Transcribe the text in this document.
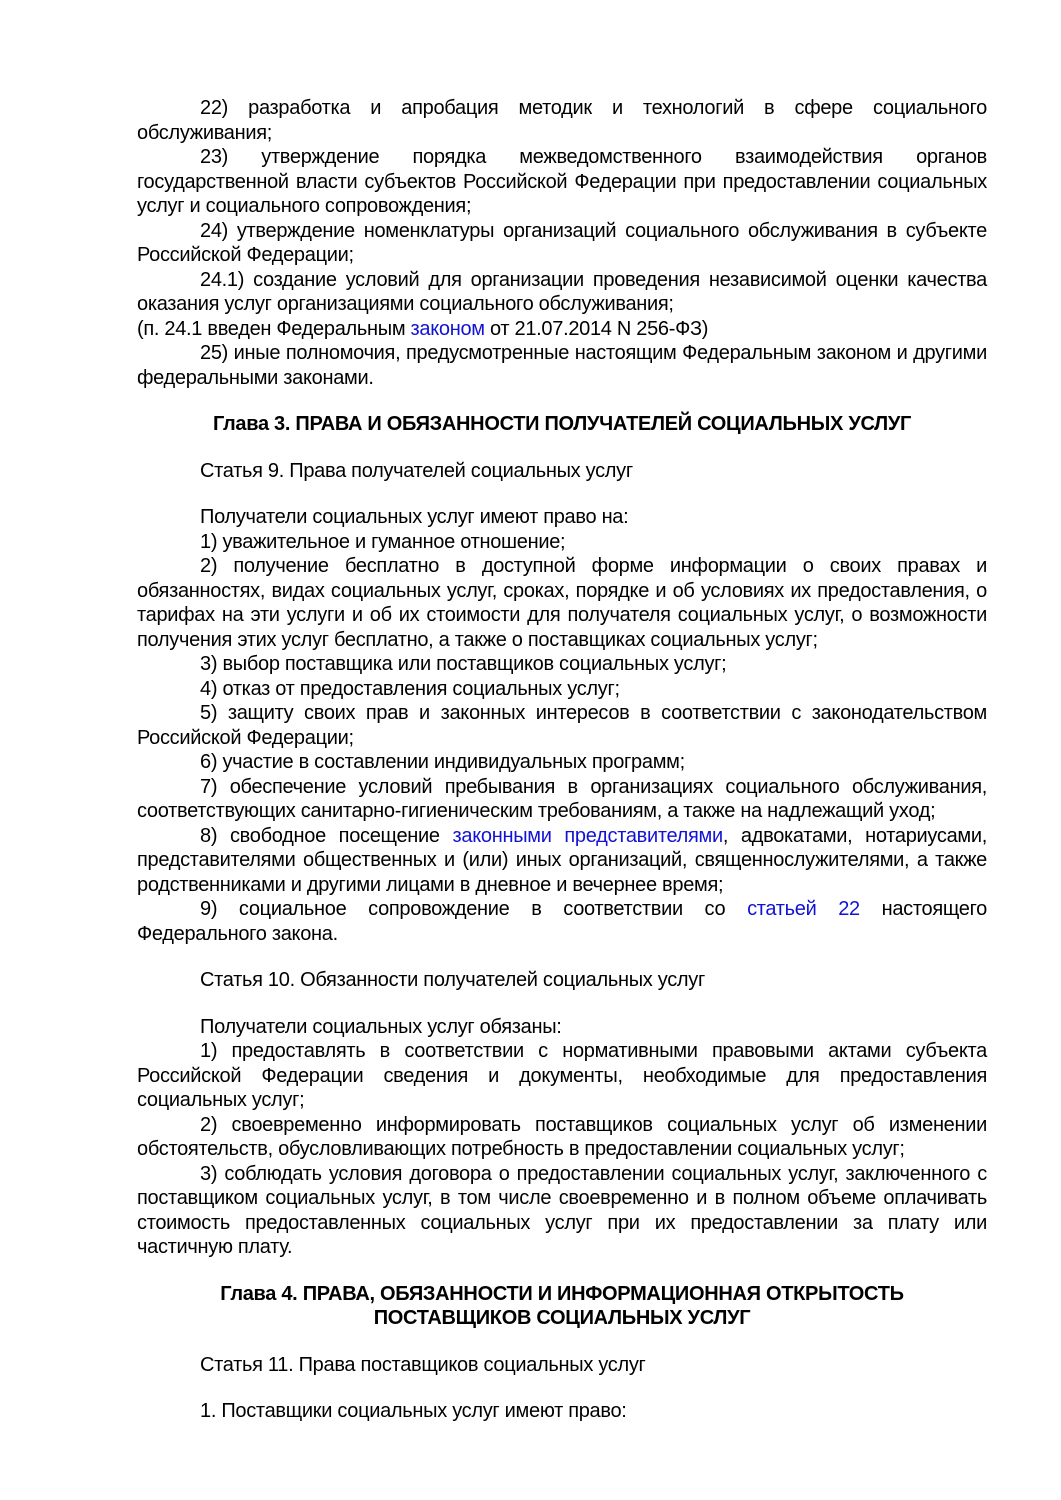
22) разработка и апробация методик и технологий в сфере социального обслуживания;

23) утверждение порядка межведомственного взаимодействия органов государственной власти субъектов Российской Федерации при предоставлении социальных услуг и социального сопровождения;

24) утверждение номенклатуры организаций социального обслуживания в субъекте Российской Федерации;

24.1) создание условий для организации проведения независимой оценки качества оказания услуг организациями социального обслуживания;

(п. 24.1 введен Федеральным законом от 21.07.2014 N 256-ФЗ)

25) иные полномочия, предусмотренные настоящим Федеральным законом и другими федеральными законами.

Глава 3. ПРАВА И ОБЯЗАННОСТИ ПОЛУЧАТЕЛЕЙ СОЦИАЛЬНЫХ УСЛУГ

Статья 9. Права получателей социальных услуг

Получатели социальных услуг имеют право на:

1) уважительное и гуманное отношение;

2) получение бесплатно в доступной форме информации о своих правах и обязанностях, видах социальных услуг, сроках, порядке и об условиях их предоставления, о тарифах на эти услуги и об их стоимости для получателя социальных услуг, о возможности получения этих услуг бесплатно, а также о поставщиках социальных услуг;

3) выбор поставщика или поставщиков социальных услуг;

4) отказ от предоставления социальных услуг;

5) защиту своих прав и законных интересов в соответствии с законодательством Российской Федерации;

6) участие в составлении индивидуальных программ;

7) обеспечение условий пребывания в организациях социального обслуживания, соответствующих санитарно-гигиеническим требованиям, а также на надлежащий уход;

8) свободное посещение законными представителями, адвокатами, нотариусами, представителями общественных и (или) иных организаций, священнослужителями, а также родственниками и другими лицами в дневное и вечернее время;

9) социальное сопровождение в соответствии со статьей 22 настоящего Федерального закона.

Статья 10. Обязанности получателей социальных услуг

Получатели социальных услуг обязаны:

1) предоставлять в соответствии с нормативными правовыми актами субъекта Российской Федерации сведения и документы, необходимые для предоставления социальных услуг;

2) своевременно информировать поставщиков социальных услуг об изменении обстоятельств, обусловливающих потребность в предоставлении социальных услуг;

3) соблюдать условия договора о предоставлении социальных услуг, заключенного с поставщиком социальных услуг, в том числе своевременно и в полном объеме оплачивать стоимость предоставленных социальных услуг при их предоставлении за плату или частичную плату.

Глава 4. ПРАВА, ОБЯЗАННОСТИ И ИНФОРМАЦИОННАЯ ОТКРЫТОСТЬ

ПОСТАВЩИКОВ СОЦИАЛЬНЫХ УСЛУГ

Статья 11. Права поставщиков социальных услуг

1. Поставщики социальных услуг имеют право:
